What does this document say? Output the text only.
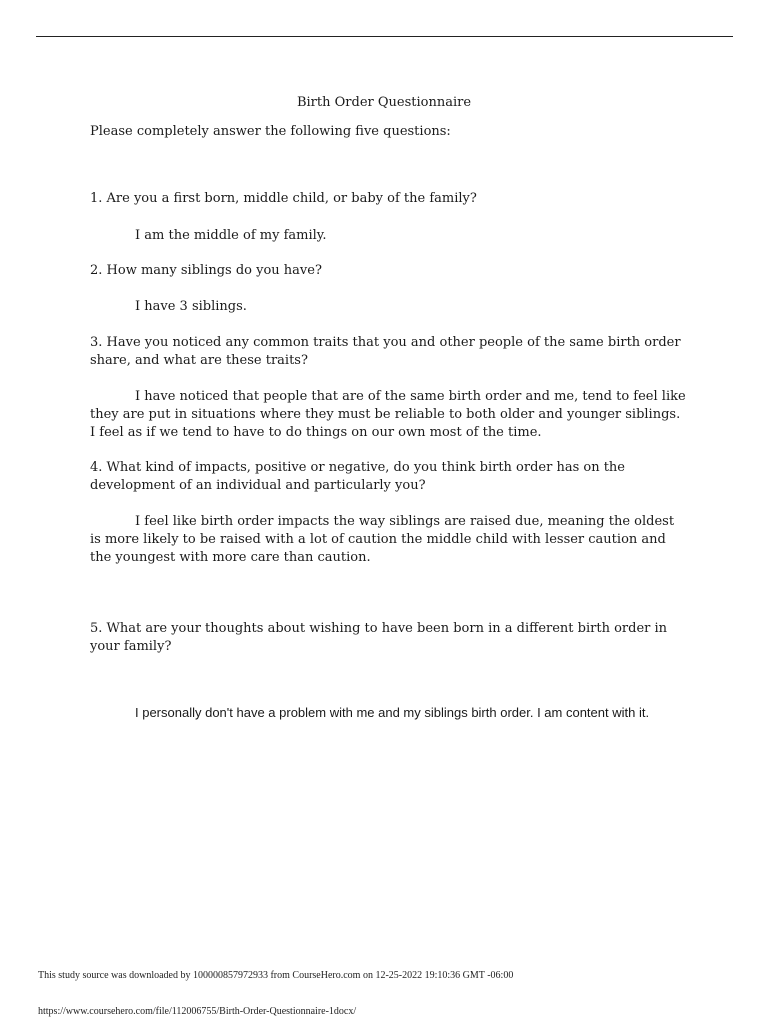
Birth Order Questionnaire

Please completely answer the following five questions:

1. Are you a first born, middle child, or baby of the family?

I am the middle of my family.

2. How many siblings do you have?

I have 3 siblings.

3. Have you noticed any common traits that you and other people of the same birth order share, and what are these traits?

I have noticed that people that are of the same birth order and me, tend to feel like they are put in situations where they must be reliable to both older and younger siblings. I feel as if we tend to have to do things on our own most of the time.

4. What kind of impacts, positive or negative, do you think birth order has on the development of an individual and particularly you?

I feel like birth order impacts the way siblings are raised due, meaning the oldest is more likely to be raised with a lot of caution the middle child with lesser caution and the youngest with more care than caution.

5. What are your thoughts about wishing to have been born in a different birth order in your family?

I personally don't have a problem with me and my siblings birth order. I am content with it.
This study source was downloaded by 100000857972933 from CourseHero.com on 12-25-2022 19:10:36 GMT -06:00
https://www.coursehero.com/file/112006755/Birth-Order-Questionnaire-1docx/
